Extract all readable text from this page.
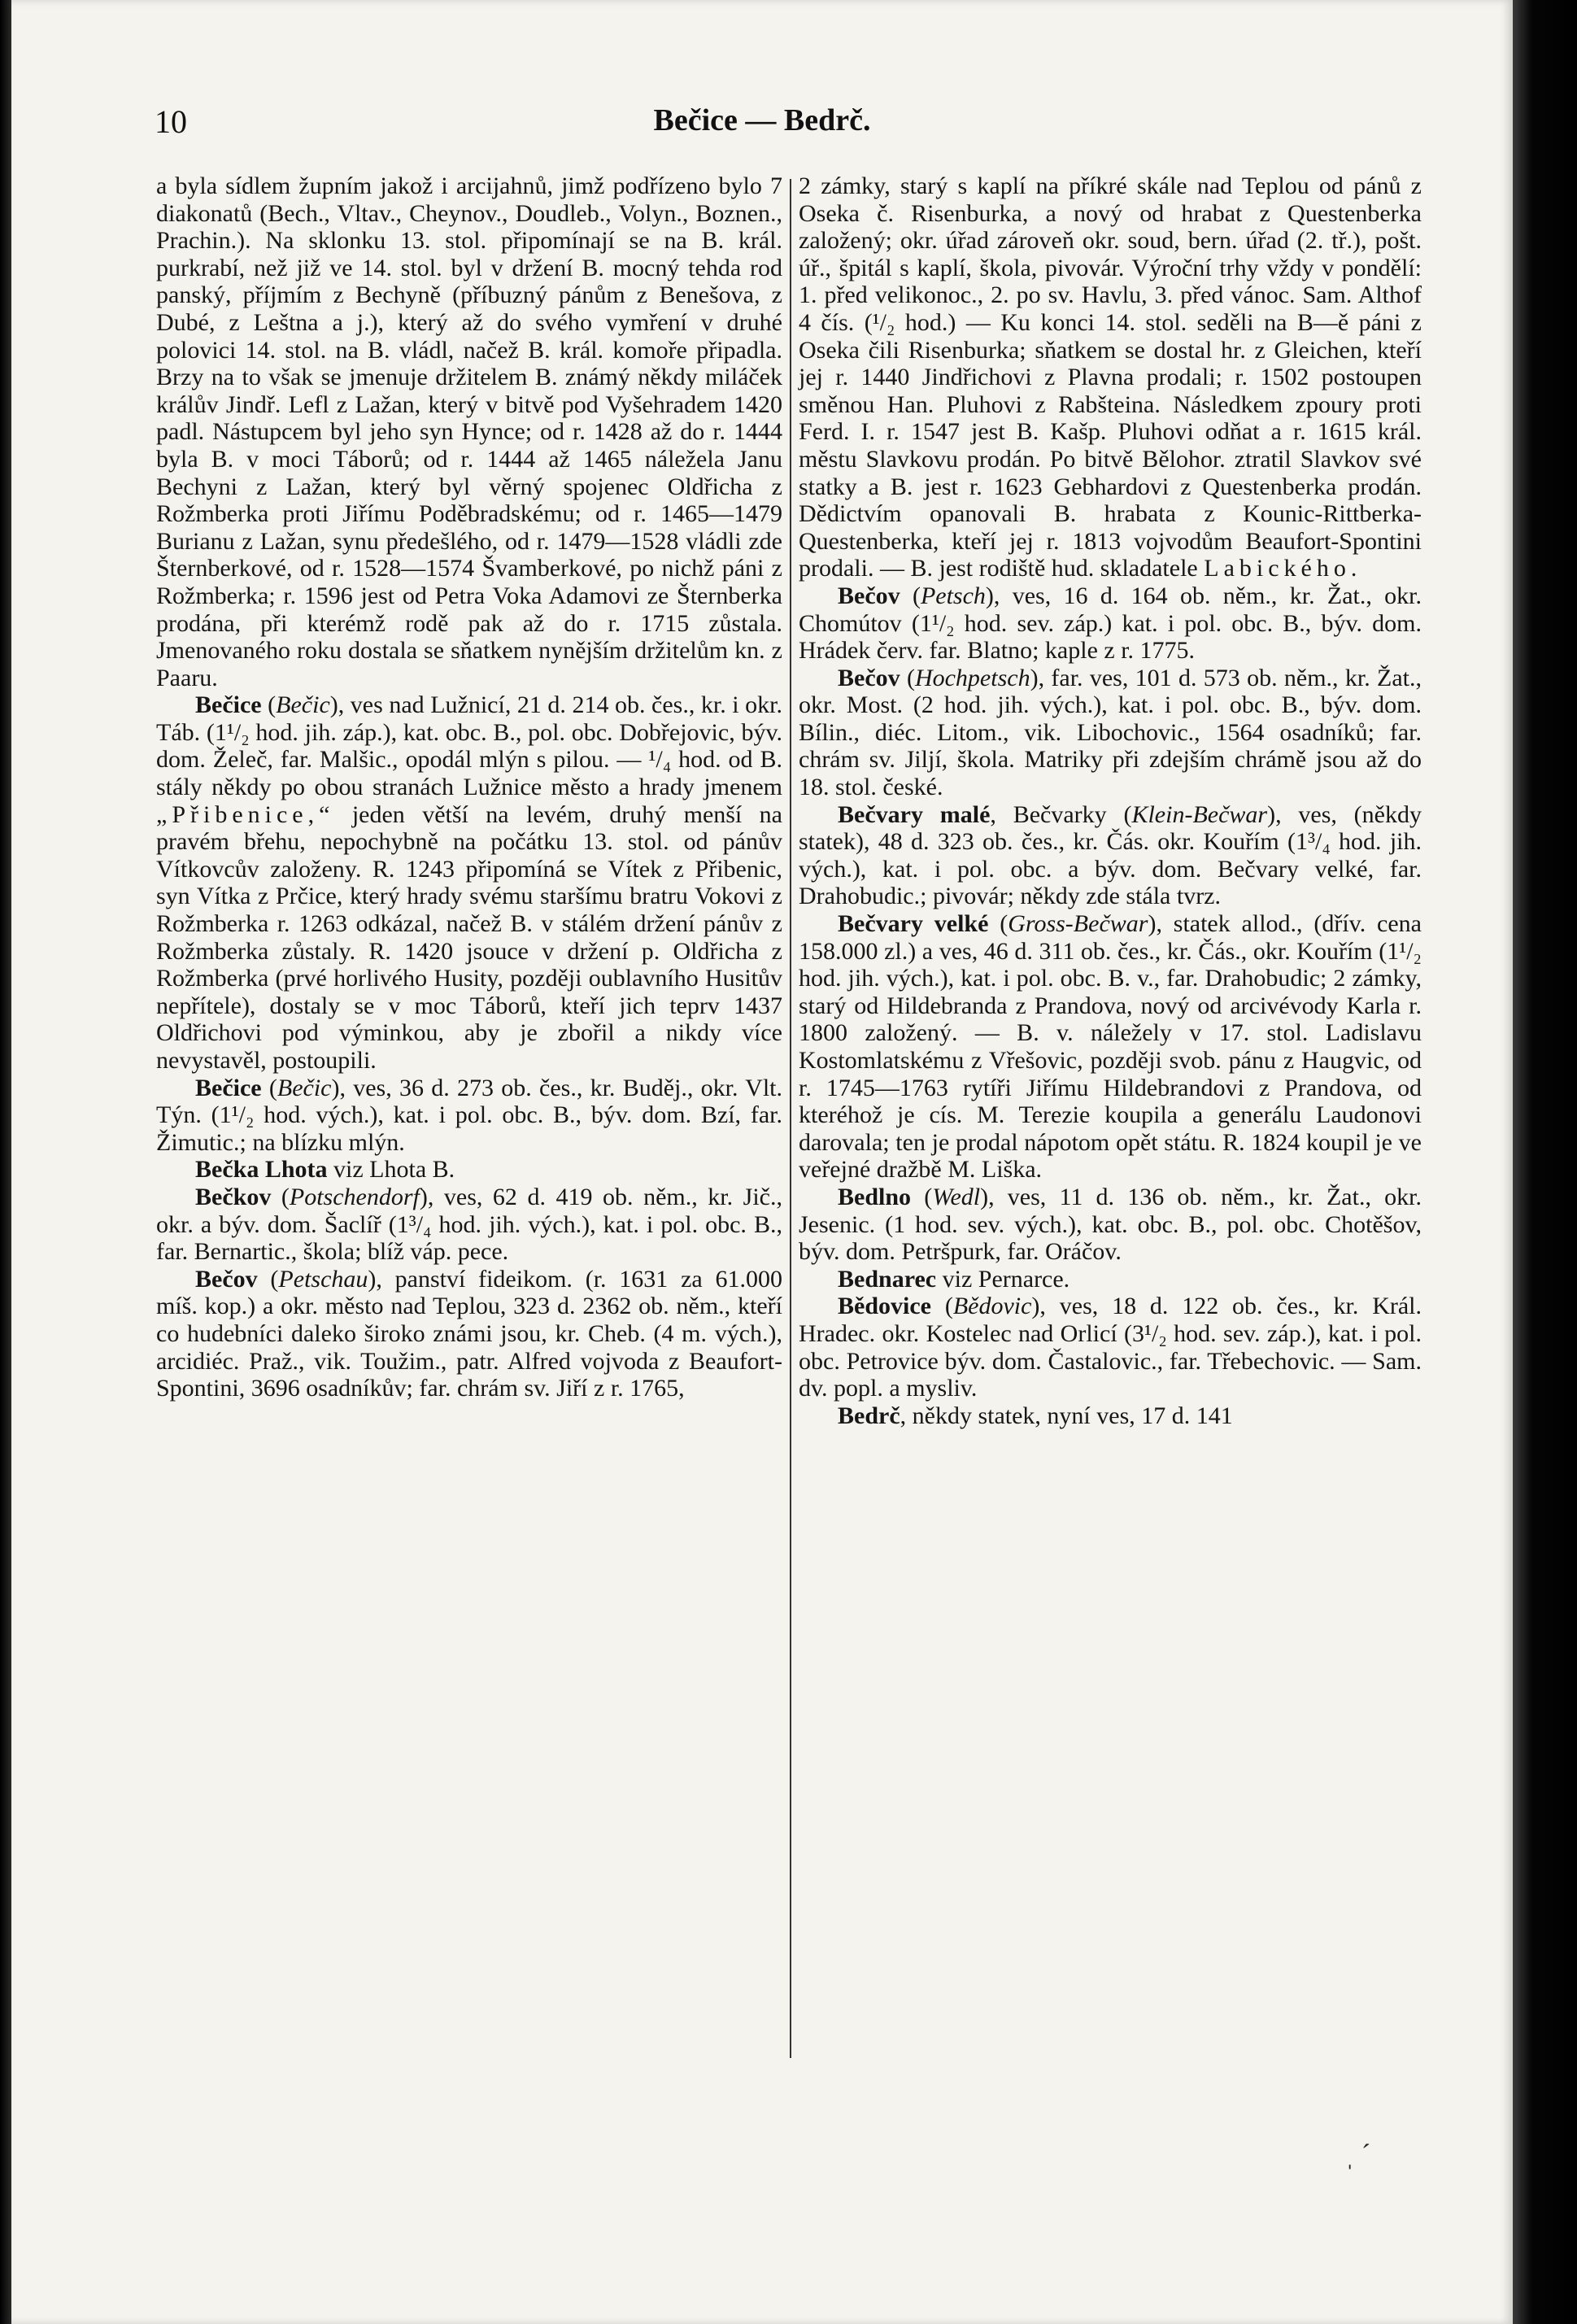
10	Bečice — Bedrč.

a byla sídlem župním jakož i arcijahnů, jimž podřízeno bylo 7 diakonatů (Bech., Vltav., Cheynov., Doudleb., Volyn., Boznen., Prachin.). Na sklonku 13. stol. připomínají se na B. král. purkrabí, než již ve 14. stol. byl v držení B. mocný tehda rod panský, příjmím z Bechyně (příbuzný pánům z Benešova, z Dubé, z Leštna a j.), který až do svého vymření v druhé polovici 14. stol. na B. vládl, načež B. král. komoře připadla. Brzy na to však se jmenuje držitelem B. známý někdy miláček králův Jindř. Lefl z Lažan, který v bitvě pod Vyšehradem 1420 padl. Nástupcem byl jeho syn Hynce; od r. 1428 až do r. 1444 byla B. v moci Táborů; od r. 1444 až 1465 náležela Janu Bechyni z Lažan, který byl věrný spojenec Oldřicha z Rožmberka proti Jiřímu Poděbradskému; od r. 1465—1479 Burianu z Lažan, synu předešlého, od r. 1479—1528 vládli zde Šternberkové, od r. 1528—1574 Švamberkové, po nichž páni z Rožmberka; r. 1596 jest od Petra Voka Adamovi ze Šternberka prodána, při kterémž rodě pak až do r. 1715 zůstala. Jmenovaného roku dostala se sňatkem nynějším držitelům kn. z Paaru.

Bečice (Bečic), ves nad Lužnicí, 21 d. 214 ob. čes., kr. i okr. Táb. (1¹/₂ hod. jih. záp.), kat. obc. B., pol. obc. Dobřejovic, býv. dom. Želeč, far. Malšic., opodál mlýn s pilou. — ¹/₄ hod. od B. stály někdy po obou stranách Lužnice město a hrady jmenem „Přibenice,“ jeden větší na levém, druhý menší na pravém břehu, nepochybně na počátku 13. stol. od pánův Vítkovcův založeny. R. 1243 připomíná se Vítek z Přibenic, syn Vítka z Prčice, který hrady svému staršímu bratru Vokovi z Rožmberka r. 1263 odkázal, načež B. v stálém držení pánův z Rožmberka zůstaly. R. 1420 jsouce v držení p. Oldřicha z Rožmberka (prvé horlivého Husity, později oublavního Husitův nepřítele), dostaly se v moc Táborů, kteří jich teprv 1437 Oldřichovi pod výminkou, aby je zbořil a nikdy více nevystavěl, postoupili.

Bečice (Bečic), ves, 36 d. 273 ob. čes., kr. Buděj., okr. Vlt. Týn. (1¹/₂ hod. vých.), kat. i pol. obc. B., býv. dom. Bzí, far. Žimutic.; na blízku mlýn.

Bečka Lhota viz Lhota B.

Bečkov (Potschendorf), ves, 62 d. 419 ob. něm., kr. Jič., okr. a býv. dom. Šaclíř (1³/₄ hod. jih. vých.), kat. i pol. obc. B., far. Bernartic., škola; blíž váp. pece.

Bečov (Petschau), panství fideikom. (r. 1631 za 61.000 míš. kop.) a okr. město nad Teplou, 323 d. 2362 ob. něm., kteří co hudebníci daleko široko známi jsou, kr. Cheb. (4 m. vých.), arcidiéc. Praž., vik. Toužim., patr. Alfred vojvoda z Beaufort-Spontini, 3696 osadníkův; far. chrám sv. Jiří z r. 1765,

2 zámky, starý s kaplí na příkré skále nad Teplou od pánů z Oseka č. Risenburka, a nový od hrabat z Questenberka založený; okr. úřad zároveň okr. soud, bern. úřad (2. tř.), pošt. úř., špitál s kaplí, škola, pivovár. Výroční trhy vždy v pondělí: 1. před velikonoc., 2. po sv. Havlu, 3. před vánoc. Sam. Althof 4 čís. (¹/₂ hod.) — Ku konci 14. stol. seděli na B—ě páni z Oseka čili Risenburka; sňatkem se dostal hr. z Gleichen, kteří jej r. 1440 Jindřichovi z Plavna prodali; r. 1502 postoupen směnou Han. Pluhovi z Rabšteina. Následkem zpoury proti Ferd. I. r. 1547 jest B. Kašp. Pluhovi odňat a r. 1615 král. městu Slavkovu prodán. Po bitvě Bělohor. ztratil Slavkov své statky a B. jest r. 1623 Gebhardovi z Questenberka prodán. Dědictvím opanovali B. hrabata z Kounic-Rittberka-Questenberka, kteří jej r. 1813 vojvodům Beaufort-Spontini prodali. — B. jest rodiště hud. skladatele Labického.

Bečov (Petsch), ves, 16 d. 164 ob. něm., kr. Žat., okr. Chomútov (1¹/₂ hod. sev. záp.) kat. i pol. obc. B., býv. dom. Hrádek červ. far. Blatno; kaple z r. 1775.

Bečov (Hochpetsch), far. ves, 101 d. 573 ob. něm., kr. Žat., okr. Most. (2 hod. jih. vých.), kat. i pol. obc. B., býv. dom. Bílin., diéc. Litom., vik. Libochovic., 1564 osadníků; far. chrám sv. Jiljí, škola. Matriky při zdejším chrámě jsou až do 18. stol. české.

Bečvary malé, Bečvarky (Klein-Bečwar), ves, (někdy statek), 48 d. 323 ob. čes., kr. Čás. okr. Kouřím (1³/₄ hod. jih. vých.), kat. i pol. obc. a býv. dom. Bečvary velké, far. Drahobudic.; pivovár; někdy zde stála tvrz.

Bečvary velké (Gross-Bečwar), statek allod., (dřív. cena 158.000 zl.) a ves, 46 d. 311 ob. čes., kr. Čás., okr. Kouřím (1¹/₂ hod. jih. vých.), kat. i pol. obc. B. v., far. Drahobudic; 2 zámky, starý od Hildebranda z Prandova, nový od arcivévody Karla r. 1800 založený. — B. v. náležely v 17. stol. Ladislavu Kostomlatskému z Vřešovic, později svob. pánu z Haugvic, od r. 1745—1763 rytíři Jiřímu Hildebrandovi z Prandova, od kteréhož je cís. M. Terezie koupila a generálu Laudonovi darovala; ten je prodal nápotom opět státu. R. 1824 koupil je ve veřejné dražbě M. Liška.

Bedlno (Wedl), ves, 11 d. 136 ob. něm., kr. Žat., okr. Jesenic. (1 hod. sev. vých.), kat. obc. B., pol. obc. Chotěšov, býv. dom. Petršpurk, far. Oráčov.

Bednarec viz Pernarce.

Bědovice (Bědovic), ves, 18 d. 122 ob. čes., kr. Král. Hradec. okr. Kostelec nad Orlicí (3¹/₂ hod. sev. záp.), kat. i pol. obc. Petrovice býv. dom. Častalovic., far. Třebechovic. — Sam. dv. popl. a mysliv.

Bedrč, někdy statek, nyní ves, 17 d. 141

ˌ ˊ
